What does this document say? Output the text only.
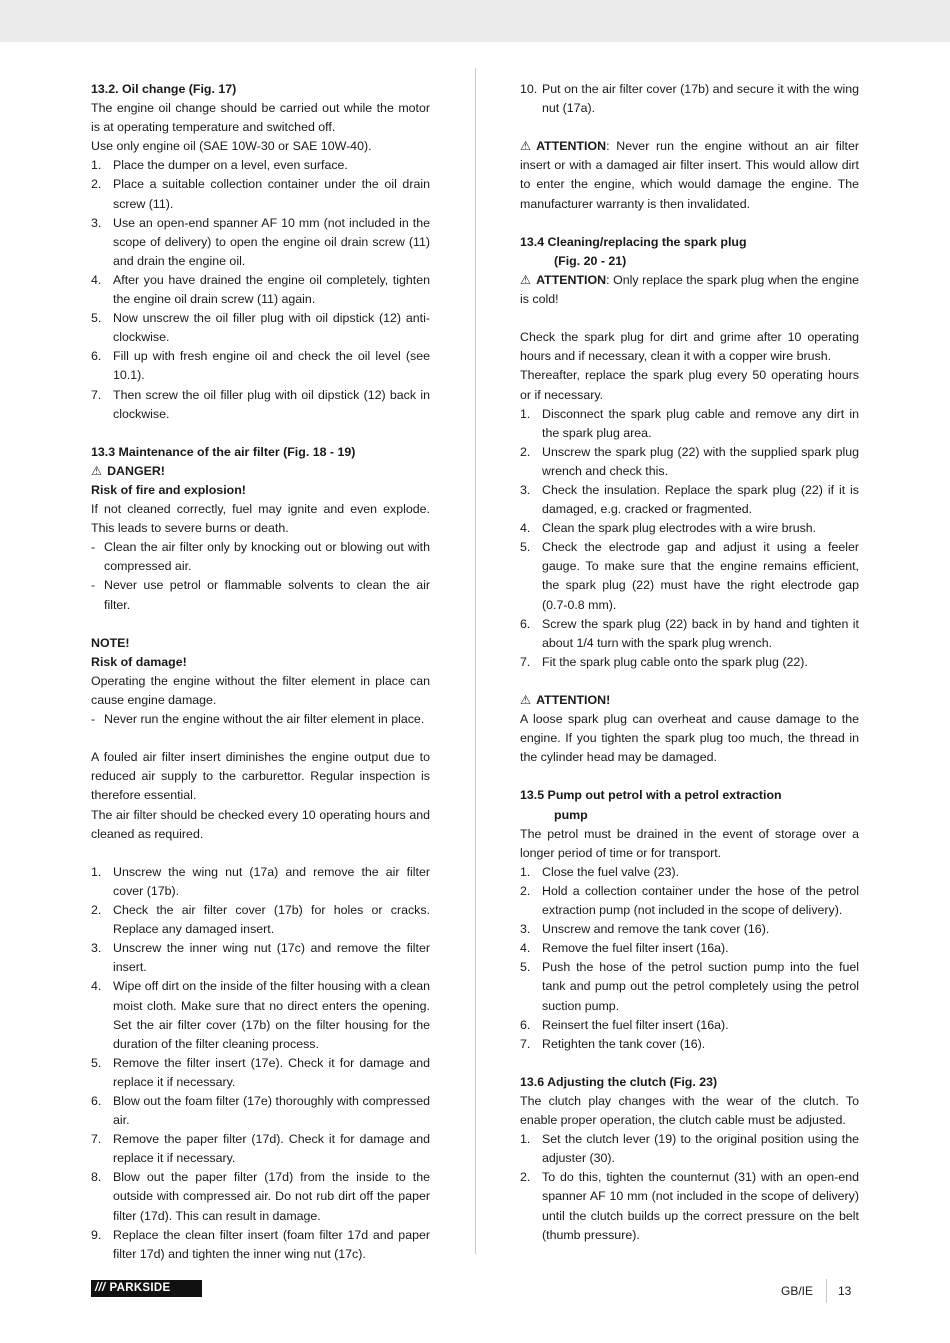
13.2. Oil change (Fig. 17)

The engine oil change should be carried out while the motor is at operating temperature and switched off.

Use only engine oil (SAE 10W-30 or SAE 10W-40).

1. Place the dumper on a level, even surface.
2. Place a suitable collection container under the oil drain screw (11).
3. Use an open-end spanner AF 10 mm (not included in the scope of delivery) to open the engine oil drain screw (11) and drain the engine oil.
4. After you have drained the engine oil completely, tighten the engine oil drain screw (11) again.
5. Now unscrew the oil filler plug with oil dipstick (12) anti-clockwise.
6. Fill up with fresh engine oil and check the oil level (see 10.1).
7. Then screw the oil filler plug with oil dipstick (12) back in clockwise.

13.3 Maintenance of the air filter (Fig. 18 - 19)

⚠ DANGER!

Risk of fire and explosion!

If not cleaned correctly, fuel may ignite and even explode. This leads to severe burns or death.

- Clean the air filter only by knocking out or blowing out with compressed air.
- Never use petrol or flammable solvents to clean the air filter.

NOTE!

Risk of damage!

Operating the engine without the filter element in place can cause engine damage.

- Never run the engine without the air filter element in place.

A fouled air filter insert diminishes the engine output due to reduced air supply to the carburettor. Regular inspection is therefore essential.

The air filter should be checked every 10 operating hours and cleaned as required.

1. Unscrew the wing nut (17a) and remove the air filter cover (17b).
2. Check the air filter cover (17b) for holes or cracks. Replace any damaged insert.
3. Unscrew the inner wing nut (17c) and remove the filter insert.
4. Wipe off dirt on the inside of the filter housing with a clean moist cloth. Make sure that no direct enters the opening. Set the air filter cover (17b) on the filter housing for the duration of the filter cleaning process.
5. Remove the filter insert (17e). Check it for damage and replace it if necessary.
6. Blow out the foam filter (17e) thoroughly with compressed air.
7. Remove the paper filter (17d). Check it for damage and replace it if necessary.
8. Blow out the paper filter (17d) from the inside to the outside with compressed air. Do not rub dirt off the paper filter (17d). This can result in damage.
9. Replace the clean filter insert (foam filter 17d and paper filter 17d) and tighten the inner wing nut (17c).
10. Put on the air filter cover (17b) and secure it with the wing nut (17a).

⚠ ATTENTION: Never run the engine without an air filter insert or with a damaged air filter insert. This would allow dirt to enter the engine, which would damage the engine. The manufacturer warranty is then invalidated.

13.4 Cleaning/replacing the spark plug

(Fig. 20 - 21)

⚠ ATTENTION: Only replace the spark plug when the engine is cold!

Check the spark plug for dirt and grime after 10 operating hours and if necessary, clean it with a copper wire brush.

Thereafter, replace the spark plug every 50 operating hours or if necessary.

1. Disconnect the spark plug cable and remove any dirt in the spark plug area.
2. Unscrew the spark plug (22) with the supplied spark plug wrench and check this.
3. Check the insulation. Replace the spark plug (22) if it is damaged, e.g. cracked or fragmented.
4. Clean the spark plug electrodes with a wire brush.
5. Check the electrode gap and adjust it using a feeler gauge. To make sure that the engine remains efficient, the spark plug (22) must have the right electrode gap (0.7-0.8 mm).
6. Screw the spark plug (22) back in by hand and tighten it about 1/4 turn with the spark plug wrench.
7. Fit the spark plug cable onto the spark plug (22).

⚠ ATTENTION!

A loose spark plug can overheat and cause damage to the engine. If you tighten the spark plug too much, the thread in the cylinder head may be damaged.

13.5 Pump out petrol with a petrol extraction

pump

The petrol must be drained in the event of storage over a longer period of time or for transport.

1. Close the fuel valve (23).
2. Hold a collection container under the hose of the petrol extraction pump (not included in the scope of delivery).
3. Unscrew and remove the tank cover (16).
4. Remove the fuel filter insert (16a).
5. Push the hose of the petrol suction pump into the fuel tank and pump out the petrol completely using the petrol suction pump.
6. Reinsert the fuel filter insert (16a).
7. Retighten the tank cover (16).

13.6 Adjusting the clutch (Fig. 23)

The clutch play changes with the wear of the clutch. To enable proper operation, the clutch cable must be adjusted.

1. Set the clutch lever (19) to the original position using the adjuster (30).
2. To do this, tighten the counternut (31) with an open-end spanner AF 10 mm (not included in the scope of delivery) until the clutch builds up the correct pressure on the belt (thumb pressure).
/// PARKSIDE	GB/IE 13
